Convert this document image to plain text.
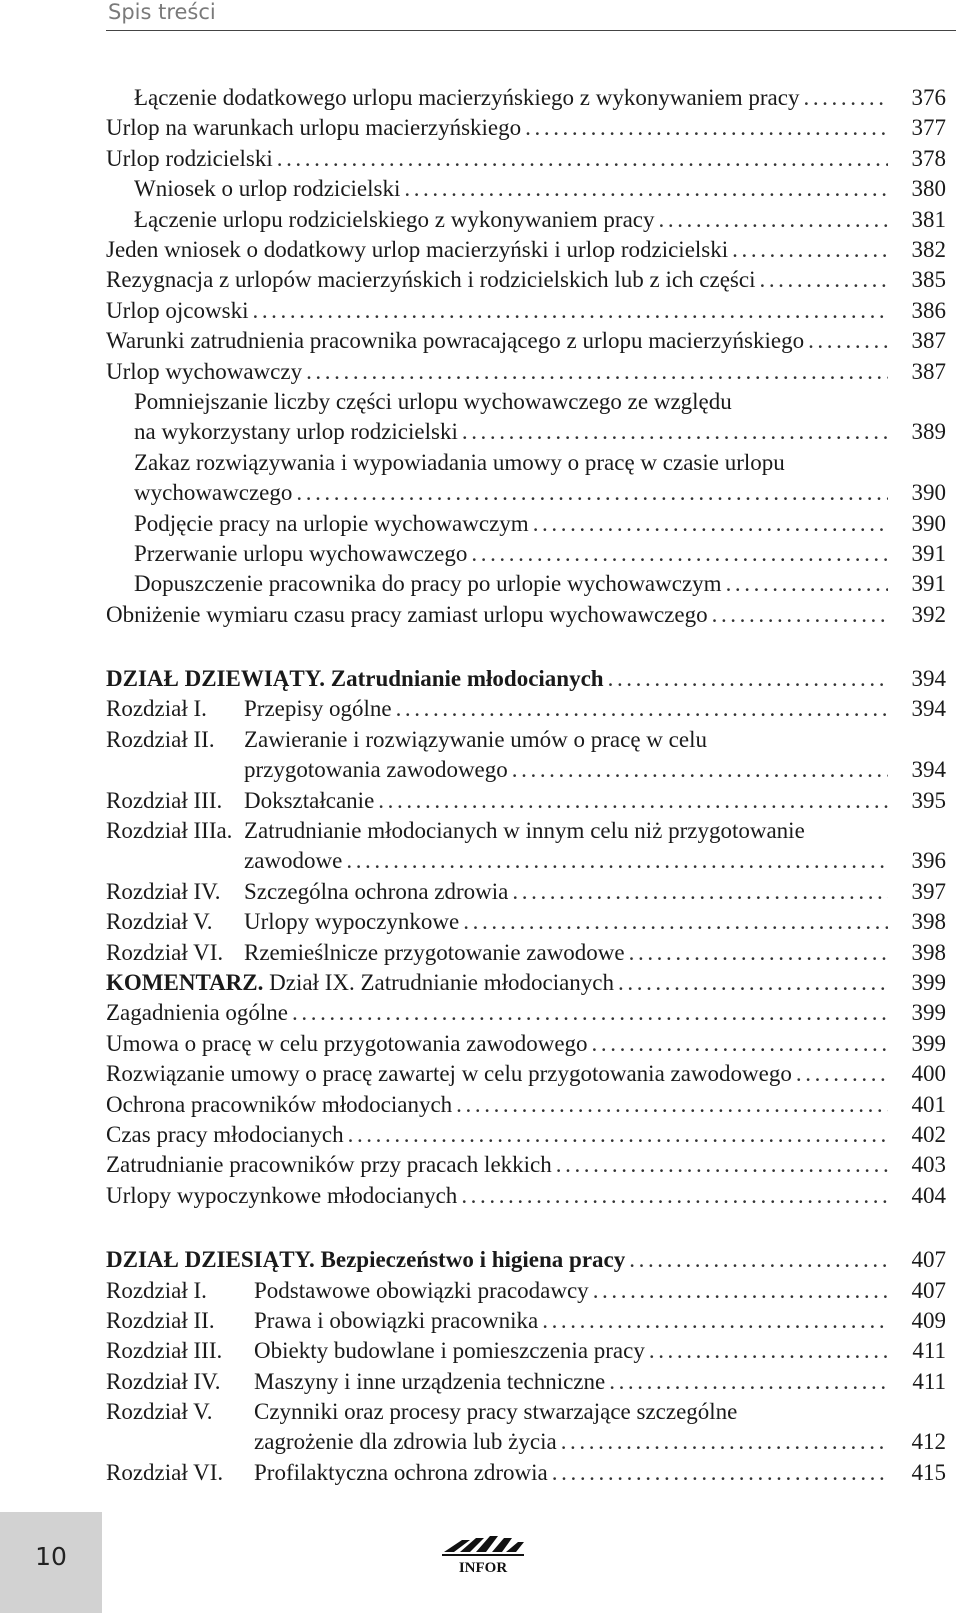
Spis treści
Łączenie dodatkowego urlopu macierzyńskiego z wykonywaniem pracy .....	376
Urlop na warunkach urlopu macierzyńskiego .....	377
Urlop rodzicielski .....	378
Wniosek o urlop rodzicielski .....	380
Łączenie urlopu rodzicielskiego z wykonywaniem pracy .....	381
Jeden wniosek o dodatkowy urlop macierzyński i urlop rodzicielski .....	382
Rezygnacja z urlopów macierzyńskich i rodzicielskich lub z ich części .....	385
Urlop ojcowski .....	386
Warunki zatrudnienia pracownika powracającego z urlopu macierzyńskiego .....	387
Urlop wychowawczy .....	387
Pomniejszanie liczby części urlopu wychowawczego ze względu
na wykorzystany urlop rodzicielski .....	389
Zakaz rozwiązywania i wypowiadania umowy o pracę w czasie urlopu
wychowawczego .....	390
Podjęcie pracy na urlopie wychowawczym .....	390
Przerwanie urlopu wychowawczego .....	391
Dopuszczenie pracownika do pracy po urlopie wychowawczym .....	391
Obniżenie wymiaru czasu pracy zamiast urlopu wychowawczego .....	392
DZIAŁ DZIEWIĄTY. Zatrudnianie młodocianych .....	394
Rozdział I. Przepisy ogólne .....	394
Rozdział II. Zawieranie i rozwiązywanie umów o pracę w celu
przygotowania zawodowego .....	394
Rozdział III. Dokształcanie .....	395
Rozdział IIIa. Zatrudnianie młodocianych w innym celu niż przygotowanie
zawodowe .....	396
Rozdział IV. Szczególna ochrona zdrowia .....	397
Rozdział V. Urlopy wypoczynkowe .....	398
Rozdział VI. Rzemieślnicze przygotowanie zawodowe .....	398
KOMENTARZ. Dział IX. Zatrudnianie młodocianych .....	399
Zagadnienia ogólne .....	399
Umowa o pracę w celu przygotowania zawodowego .....	399
Rozwiązanie umowy o pracę zawartej w celu przygotowania zawodowego .....	400
Ochrona pracowników młodocianych .....	401
Czas pracy młodocianych .....	402
Zatrudnianie pracowników przy pracach lekkich .....	403
Urlopy wypoczynkowe młodocianych .....	404
DZIAŁ DZIESIĄTY. Bezpieczeństwo i higiena pracy .....	407
Rozdział I. Podstawowe obowiązki pracodawcy .....	407
Rozdział II. Prawa i obowiązki pracownika .....	409
Rozdział III. Obiekty budowlane i pomieszczenia pracy .....	411
Rozdział IV. Maszyny i inne urządzenia techniczne .....	411
Rozdział V. Czynniki oraz procesy pracy stwarzające szczególne
zagrożenie dla zdrowia lub życia .....	412
Rozdział VI. Profilaktyczna ochrona zdrowia .....	415
10	INFOR
